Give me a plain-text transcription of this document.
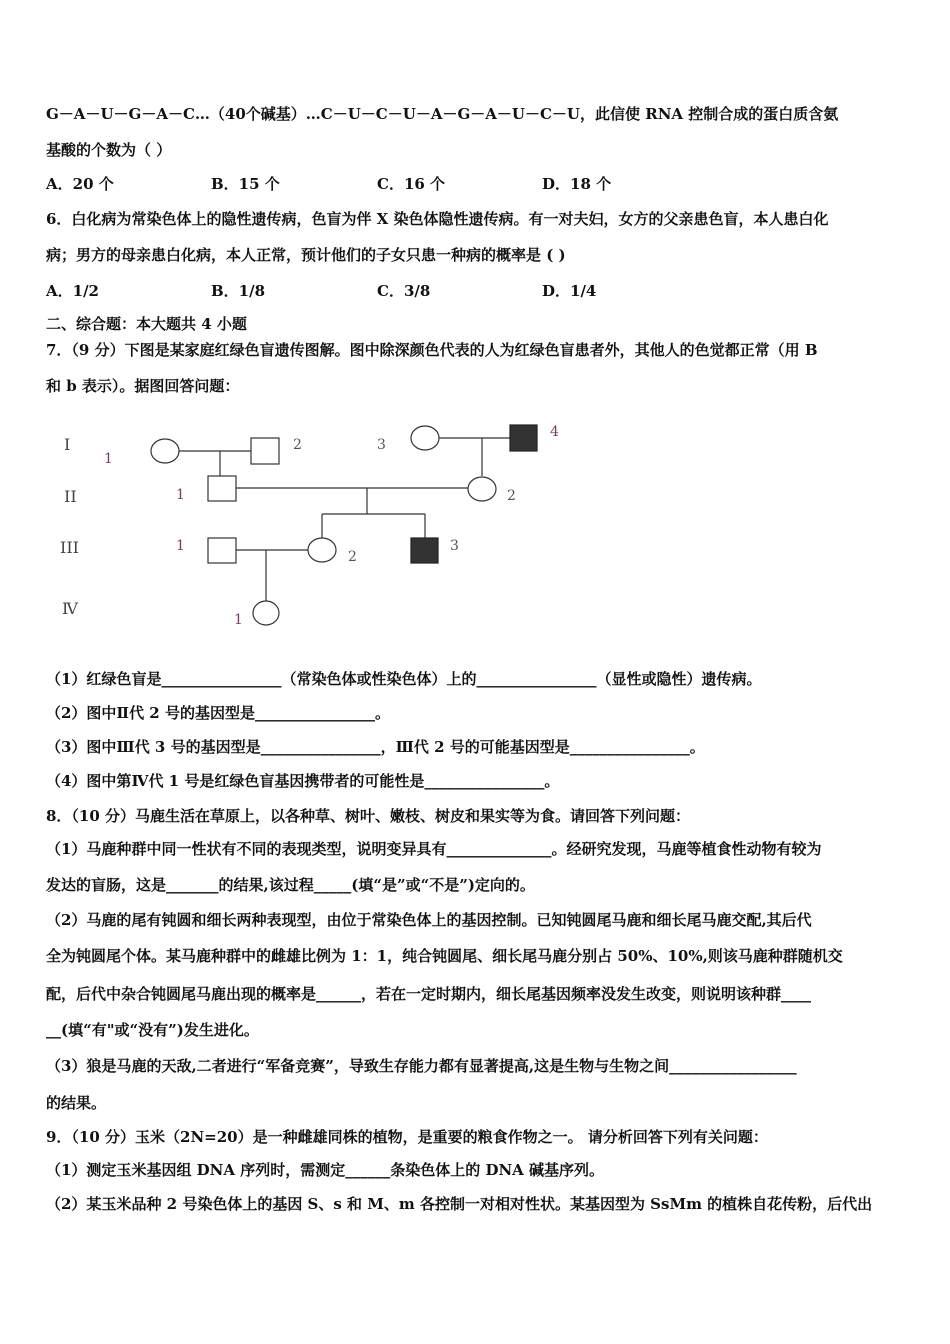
G－A－U－G－A－C…（40个碱基）…C－U－C－U－A－G－A－U－C－U，此信使 RNA 控制合成的蛋白质含氨
基酸的个数为（ ）
A．20 个	B．15 个	C．16 个	D．18 个
6．白化病为常染色体上的隐性遗传病，色盲为伴 X 染色体隐性遗传病。有一对夫妇，女方的父亲患色盲，本人患白化
病；男方的母亲患白化病，本人正常，预计他们的子女只患一种病的概率是 ( )
A．1/2	B．1/8	C．3/8	D．1/4
二、综合题：本大题共 4 小题
7．（9 分）下图是某家庭红绿色盲遗传图解。图中除深颜色代表的人为红绿色盲患者外，其他人的色觉都正常（用 B
和 b 表示）。据图回答问题：
I
II
III
Ⅳ
1
2	3
4
1	2
1
2
3
1
（1）红绿色盲是________________（常染色体或性染色体）上的________________（显性或隐性）遗传病。
（2）图中Ⅱ代 2 号的基因型是________________。
（3）图中Ⅲ代 3 号的基因型是________________，Ⅲ代 2 号的可能基因型是________________。
（4）图中第Ⅳ代 1 号是红绿色盲基因携带者的可能性是________________。
8．（10 分）马鹿生活在草原上，以各种草、树叶、嫩枝、树皮和果实等为食。请回答下列问题：
（1）马鹿种群中同一性状有不同的表现类型，说明变异具有______________。经研究发现，马鹿等植食性动物有较为
发达的盲肠，这是_______的结果,该过程_____(填“是”或“不是”)定向的。
（2）马鹿的尾有钝圆和细长两种表现型，由位于常染色体上的基因控制。已知钝圆尾马鹿和细长尾马鹿交配,其后代
全为钝圆尾个体。某马鹿种群中的雌雄比例为 1：1，纯合钝圆尾、细长尾马鹿分别占 50%、10%,则该马鹿种群随机交
配，后代中杂合钝圆尾马鹿出现的概率是______，若在一定时期内，细长尾基因频率没发生改变，则说明该种群____
__(填“有"或“没有”)发生进化。
（3）狼是马鹿的天敌,二者进行“军备竞赛”，导致生存能力都有显著提高,这是生物与生物之间_________________
的结果。
9．（10 分）玉米（2N=20）是一种雌雄同株的植物，是重要的粮食作物之一。 请分析回答下列有关问题：
（1）测定玉米基因组 DNA 序列时，需测定______条染色体上的 DNA 碱基序列。
（2）某玉米品种 2 号染色体上的基因 S、s 和 M、m 各控制一对相对性状。某基因型为 SsMm 的植株自花传粉，后代出
